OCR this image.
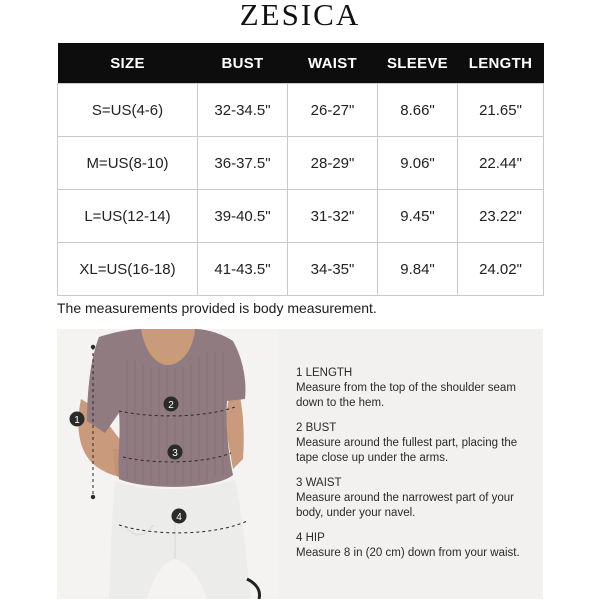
ZESICA
SIZE	BUST	WAIST	SLEEVE	LENGTH
S=US(4-6)	32-34.5"	26-27"	8.66"	21.65"
M=US(8-10)	36-37.5"	28-29"	9.06"	22.44"
L=US(12-14)	39-40.5"	31-32"	9.45"	23.22"
XL=US(16-18)	41-43.5"	34-35"	9.84"	24.02"
The measurements provided is body measurement.
1
2
3
4
1 LENGTH
Measure from the top of the shoulder seam down to the hem.
2 BUST
Measure around the fullest part, placing the tape close up under the arms.
3 WAIST
Measure around the narrowest part of your body, under your navel.
4 HIP
Measure 8 in (20 cm) down from your waist.
